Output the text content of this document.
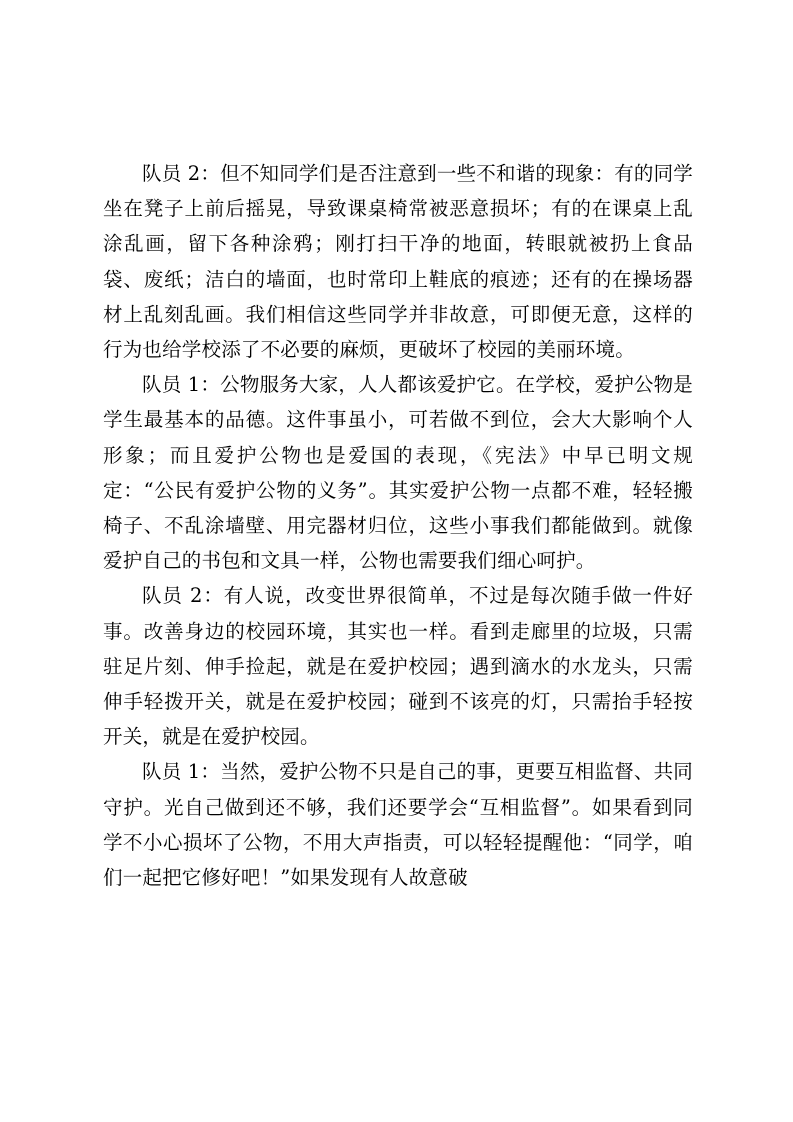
队员 2：但不知同学们是否注意到一些不和谐的现象：有的同学坐在凳子上前后摇晃，导致课桌椅常被恶意损坏；有的在课桌上乱涂乱画，留下各种涂鸦；刚打扫干净的地面，转眼就被扔上食品袋、废纸；洁白的墙面，也时常印上鞋底的痕迹；还有的在操场器材上乱刻乱画。我们相信这些同学并非故意，可即便无意，这样的行为也给学校添了不必要的麻烦，更破坏了校园的美丽环境。

队员 1：公物服务大家，人人都该爱护它。在学校，爱护公物是学生最基本的品德。这件事虽小，可若做不到位，会大大影响个人形象；而且爱护公物也是爱国的表现，《宪法》中早已明文规定：“公民有爱护公物的义务”。其实爱护公物一点都不难，轻轻搬椅子、不乱涂墙壁、用完器材归位，这些小事我们都能做到。就像爱护自己的书包和文具一样，公物也需要我们细心呵护。

队员 2：有人说，改变世界很简单，不过是每次随手做一件好事。改善身边的校园环境，其实也一样。看到走廊里的垃圾，只需驻足片刻、伸手捡起，就是在爱护校园；遇到滴水的水龙头，只需伸手轻拨开关，就是在爱护校园；碰到不该亮的灯，只需抬手轻按开关，就是在爱护校园。

队员 1：当然，爱护公物不只是自己的事，更要互相监督、共同守护。光自己做到还不够，我们还要学会“互相监督”。如果看到同学不小心损坏了公物，不用大声指责，可以轻轻提醒他：“同学，咱们一起把它修好吧！”如果发现有人故意破
